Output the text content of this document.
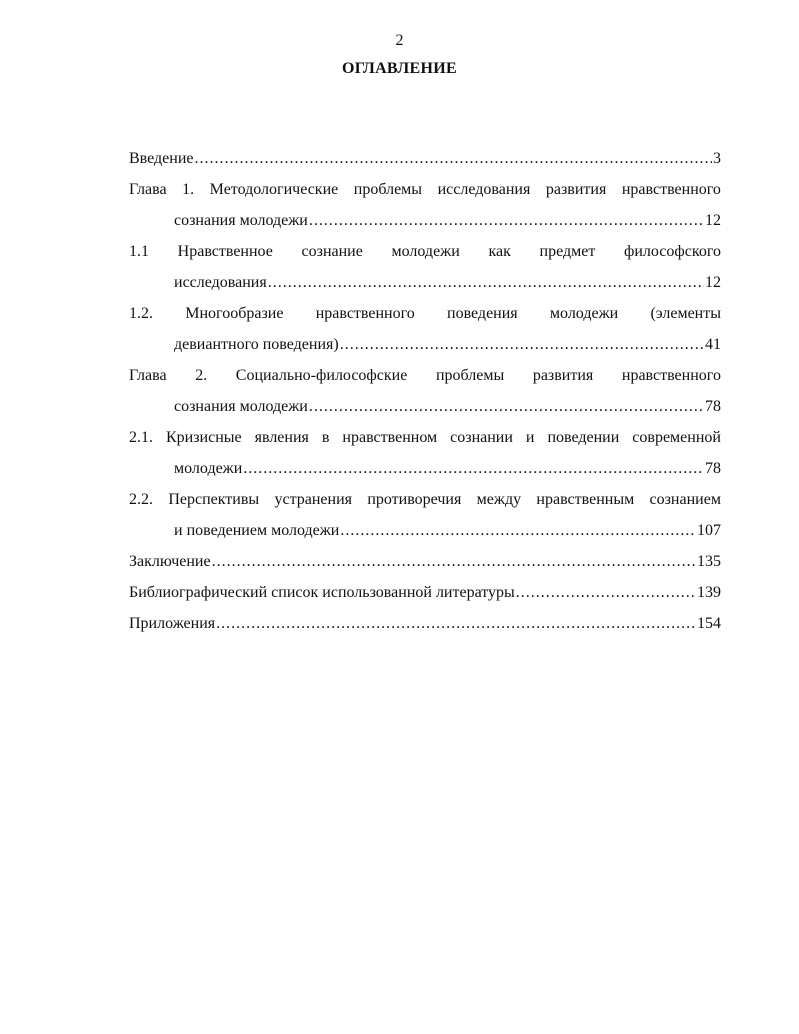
2
ОГЛАВЛЕНИЕ
Введение .....	3
Глава 1. Методологические проблемы исследования развития нравственного
сознания молодежи .....	12
1.1 Нравственное сознание молодежи как предмет философского
исследования .....	12
1.2. Многообразие нравственного поведения молодежи (элементы
девиантного поведения) .....	41
Глава 2. Социально-философские проблемы развития нравственного
сознания молодежи .....	78
2.1. Кризисные явления в нравственном сознании и поведении современной
молодежи .....	78
2.2. Перспективы устранения противоречия между нравственным сознанием
и поведением молодежи .....	107
Заключение .....	135
Библиографический список использованной литературы .....	139
Приложения .....	154
